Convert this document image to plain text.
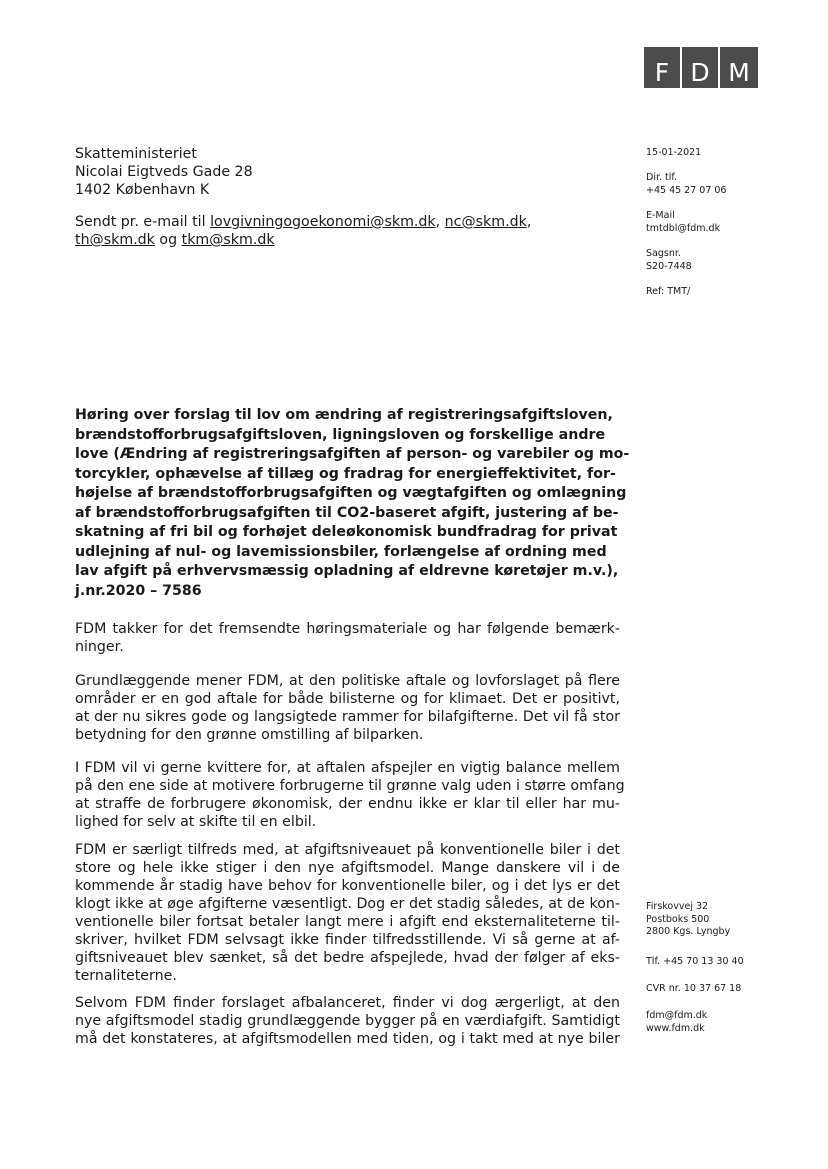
F D M
Skatteministeriet
Nicolai Eigtveds Gade 28
1402 København K
Sendt pr. e-mail til lovgivningogoekonomi@skm.dk, nc@skm.dk,
th@skm.dk og tkm@skm.dk
15-01-2021
Dir. tlf.
+45 45 27 07 06
E-Mail
tmtdbl@fdm.dk
Sagsnr.
S20-7448
Ref: TMT/
Høring over forslag til lov om ændring af registreringsafgiftsloven,
brændstofforbrugsafgiftsloven, ligningsloven og forskellige andre
love (Ændring af registreringsafgiften af person- og varebiler og mo-
torcykler, ophævelse af tillæg og fradrag for energieffektivitet, for-
højelse af brændstofforbrugsafgiften og vægtafgiften og omlægning
af brændstofforbrugsafgiften til CO2-baseret afgift, justering af be-
skatning af fri bil og forhøjet deleøkonomisk bundfradrag for privat
udlejning af nul- og lavemissionsbiler, forlængelse af ordning med
lav afgift på erhvervsmæssig opladning af eldrevne køretøjer m.v.),
j.nr.2020 – 7586
FDM takker for det fremsendte høringsmateriale og har følgende bemærk-
ninger.
Grundlæggende mener FDM, at den politiske aftale og lovforslaget på flere
områder er en god aftale for både bilisterne og for klimaet. Det er positivt,
at der nu sikres gode og langsigtede rammer for bilafgifterne. Det vil få stor
betydning for den grønne omstilling af bilparken.
I FDM vil vi gerne kvittere for, at aftalen afspejler en vigtig balance mellem
på den ene side at motivere forbrugerne til grønne valg uden i større omfang
at straffe de forbrugere økonomisk, der endnu ikke er klar til eller har mu-
lighed for selv at skifte til en elbil.
FDM er særligt tilfreds med, at afgiftsniveauet på konventionelle biler i det
store og hele ikke stiger i den nye afgiftsmodel. Mange danskere vil i de
kommende år stadig have behov for konventionelle biler, og i det lys er det
klogt ikke at øge afgifterne væsentligt. Dog er det stadig således, at de kon-
ventionelle biler fortsat betaler langt mere i afgift end eksternaliteterne til-
skriver, hvilket FDM selvsagt ikke finder tilfredsstillende. Vi så gerne at af-
giftsniveauet blev sænket, så det bedre afspejlede, hvad der følger af eks-
ternaliteterne.
Selvom FDM finder forslaget afbalanceret, finder vi dog ærgerligt, at den
nye afgiftsmodel stadig grundlæggende bygger på en værdiafgift. Samtidigt
må det konstateres, at afgiftsmodellen med tiden, og i takt med at nye biler
Firskovvej 32
Postboks 500
2800 Kgs. Lyngby
Tlf. +45 70 13 30 40
CVR nr. 10 37 67 18
fdm@fdm.dk
www.fdm.dk
